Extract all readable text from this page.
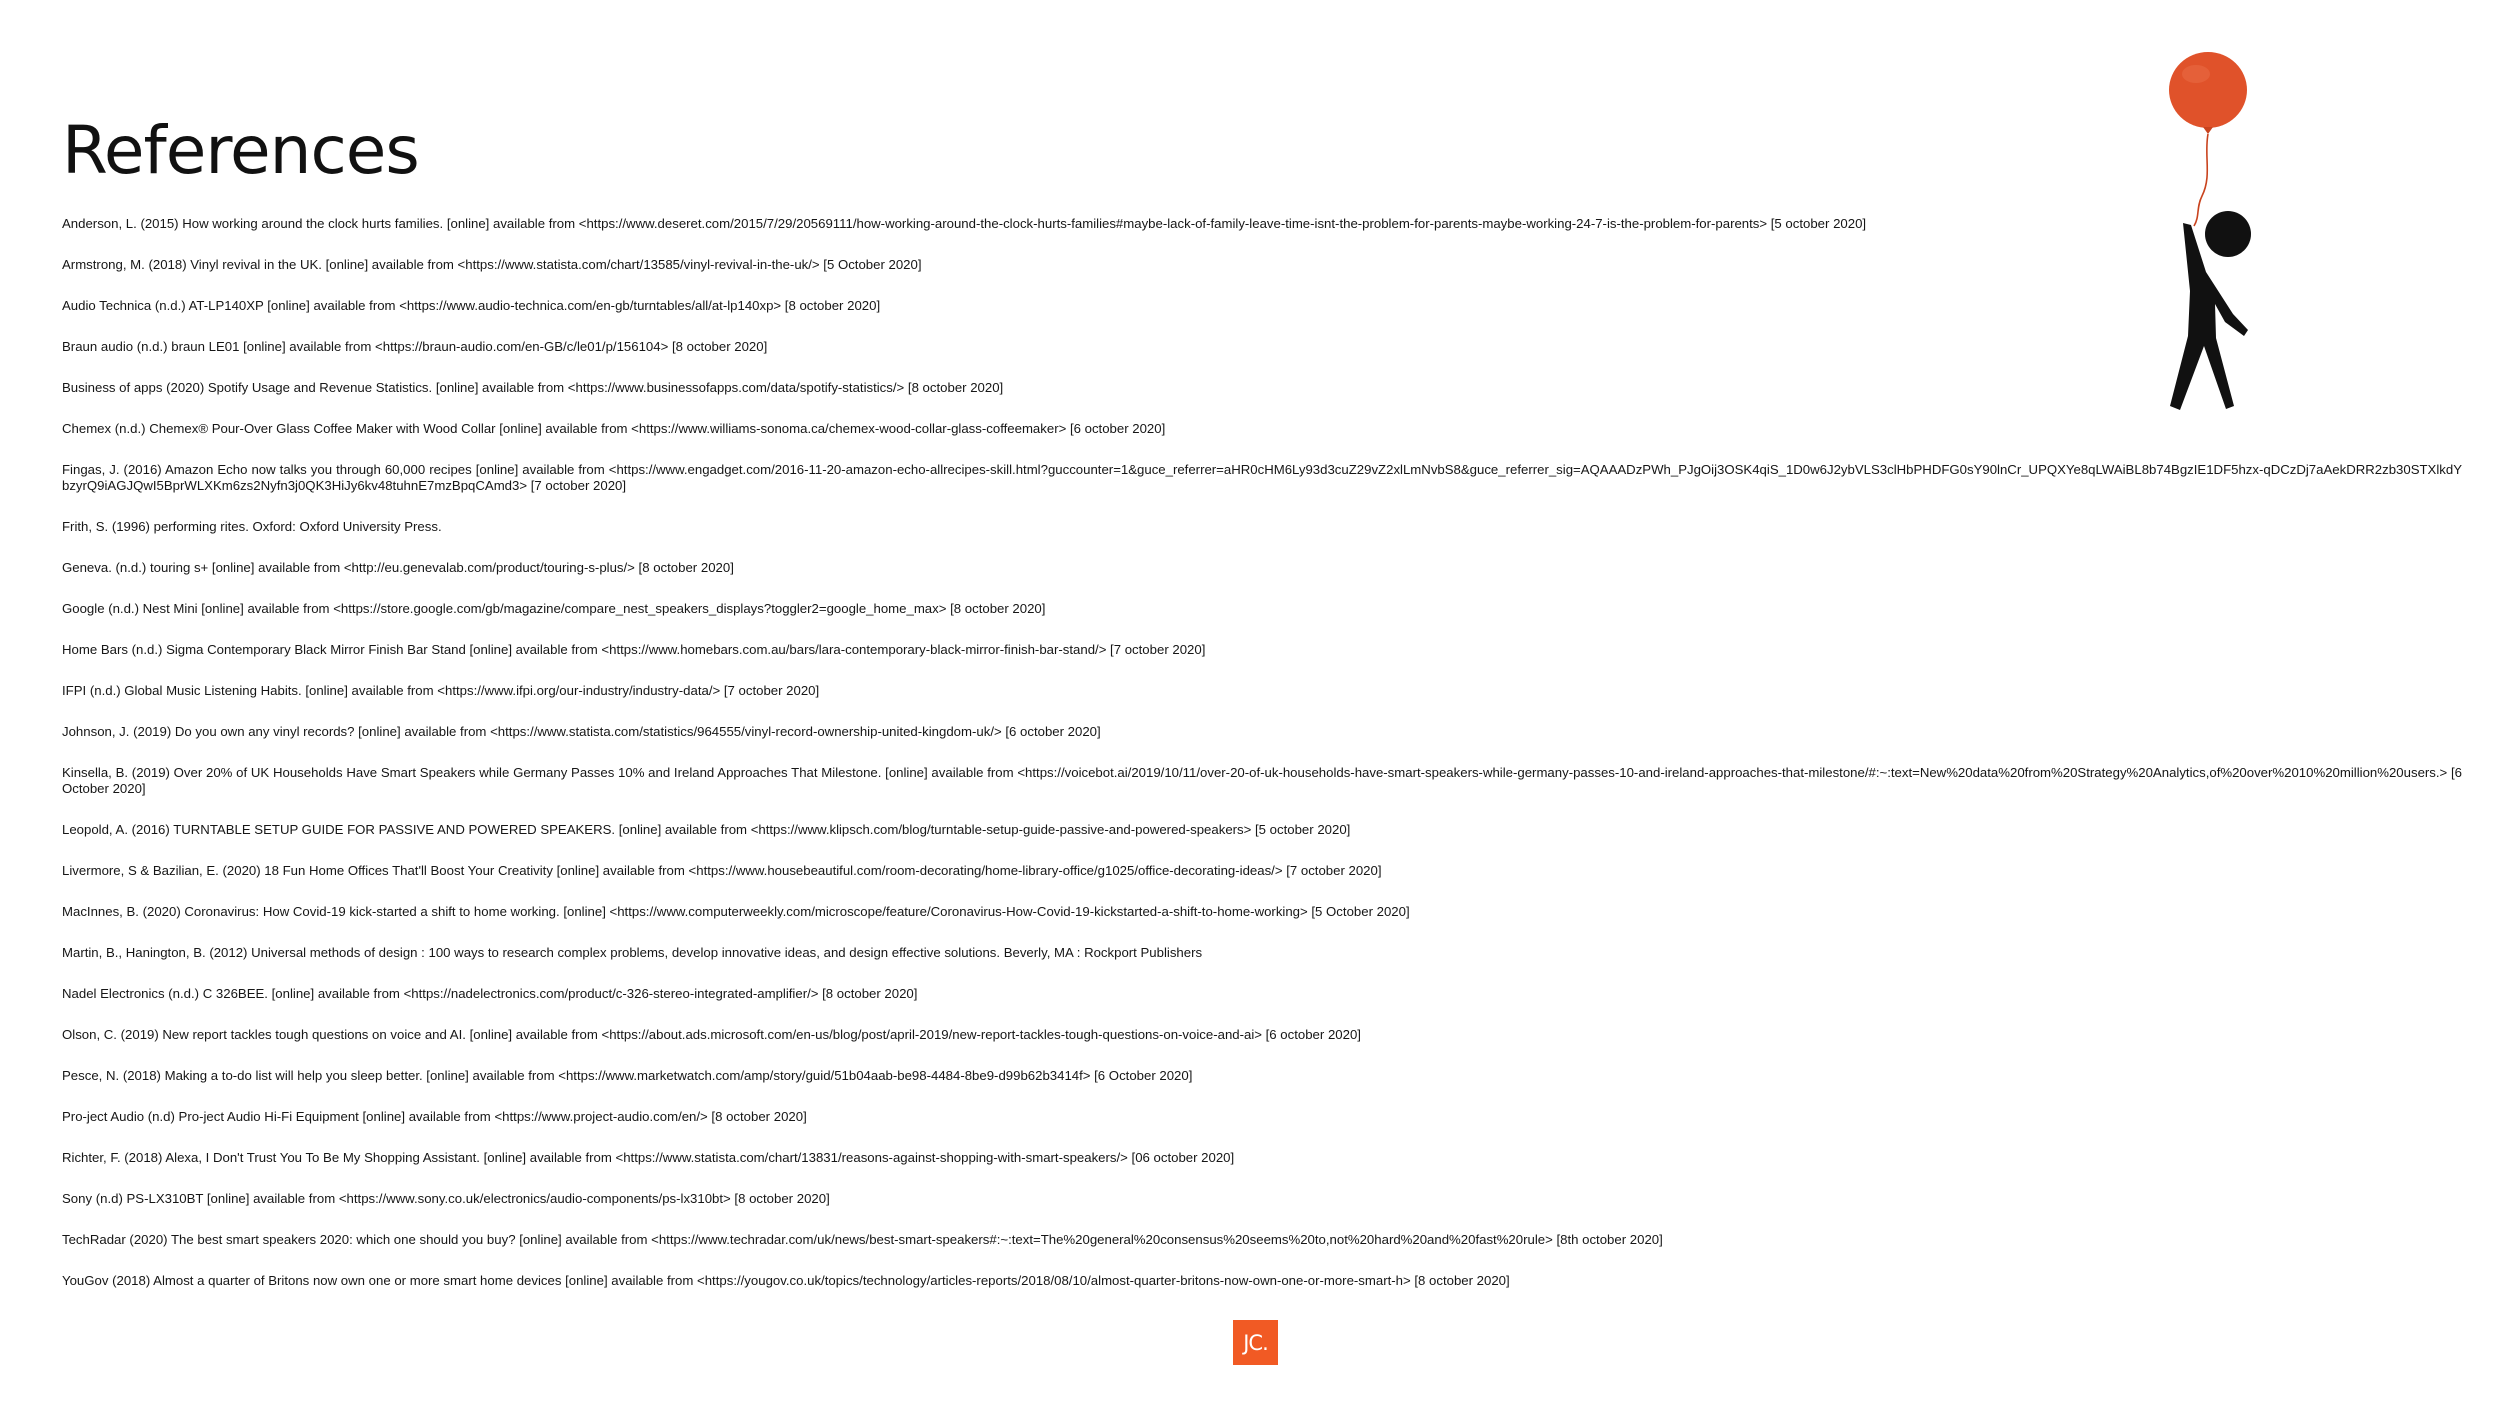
References
Anderson, L. (2015) How working around the clock hurts families. [online] available from <https://www.deseret.com/2015/7/29/20569111/how-working-around-the-clock-hurts-families#maybe-lack-of-family-leave-time-isnt-the-problem-for-parents-maybe-working-24-7-is-the-problem-for-parents> [5 october 2020]
Armstrong, M. (2018) Vinyl revival in the UK. [online] available from <https://www.statista.com/chart/13585/vinyl-revival-in-the-uk/> [5 October 2020]
Audio Technica (n.d.) AT-LP140XP [online] available from <https://www.audio-technica.com/en-gb/turntables/all/at-lp140xp> [8 october 2020]
Braun audio (n.d.) braun LE01 [online] available from <https://braun-audio.com/en-GB/c/le01/p/156104> [8 october 2020]
Business of apps (2020) Spotify Usage and Revenue Statistics. [online] available from <https://www.businessofapps.com/data/spotify-statistics/> [8 october 2020]
Chemex (n.d.) Chemex® Pour-Over Glass Coffee Maker with Wood Collar [online] available from <https://www.williams-sonoma.ca/chemex-wood-collar-glass-coffeemaker> [6 october 2020]
Fingas, J. (2016) Amazon Echo now talks you through 60,000 recipes [online] available from <https://www.engadget.com/2016-11-20-amazon-echo-allrecipes-skill.html?guccounter=1&guce_referrer=aHR0cHM6Ly93d3cuZ29vZ2xlLmNvbS8&guce_referrer_sig=AQAAADzPWh_PJgOij3OSK4qiS_1D0w6J2ybVLS3clHbPHDFG0sY90lnCr_UPQXYe8qLWAiBL8b74BgzIE1DF5hzx-qDCzDj7aAekDRR2zb30STXlkdYbzyrQ9iAGJQwI5BprWLXKm6zs2Nyfn3j0QK3HiJy6kv48tuhnE7mzBpqCAmd3> [7 october 2020]
Frith, S. (1996) performing rites. Oxford: Oxford University Press.
Geneva. (n.d.) touring s+ [online] available from <http://eu.genevalab.com/product/touring-s-plus/> [8 october 2020]
Google (n.d.) Nest Mini [online] available from <https://store.google.com/gb/magazine/compare_nest_speakers_displays?toggler2=google_home_max> [8 october 2020]
Home Bars (n.d.) Sigma Contemporary Black Mirror Finish Bar Stand [online] available from <https://www.homebars.com.au/bars/lara-contemporary-black-mirror-finish-bar-stand/> [7 october 2020]
IFPI (n.d.) Global Music Listening Habits. [online] available from <https://www.ifpi.org/our-industry/industry-data/> [7 october 2020]
Johnson, J. (2019) Do you own any vinyl records? [online] available from <https://www.statista.com/statistics/964555/vinyl-record-ownership-united-kingdom-uk/> [6 october 2020]
Kinsella, B. (2019) Over 20% of UK Households Have Smart Speakers while Germany Passes 10% and Ireland Approaches That Milestone. [online] available from <https://voicebot.ai/2019/10/11/over-20-of-uk-households-have-smart-speakers-while-germany-passes-10-and-ireland-approaches-that-milestone/#:~:text=New%20data%20from%20Strategy%20Analytics,of%20over%2010%20million%20users.> [6 October 2020]
Leopold, A. (2016) TURNTABLE SETUP GUIDE FOR PASSIVE AND POWERED SPEAKERS. [online] available from <https://www.klipsch.com/blog/turntable-setup-guide-passive-and-powered-speakers> [5 october 2020]
Livermore, S & Bazilian, E. (2020) 18 Fun Home Offices That'll Boost Your Creativity [online] available from <https://www.housebeautiful.com/room-decorating/home-library-office/g1025/office-decorating-ideas/> [7 october 2020]
MacInnes, B. (2020) Coronavirus: How Covid-19 kick-started a shift to home working. [online] <https://www.computerweekly.com/microscope/feature/Coronavirus-How-Covid-19-kickstarted-a-shift-to-home-working> [5 October 2020]
Martin, B., Hanington, B. (2012) Universal methods of design : 100 ways to research complex problems, develop innovative ideas, and design effective solutions. Beverly, MA : Rockport Publishers
Nadel Electronics (n.d.) C 326BEE. [online] available from <https://nadelectronics.com/product/c-326-stereo-integrated-amplifier/> [8 october 2020]
Olson, C. (2019) New report tackles tough questions on voice and AI. [online] available from <https://about.ads.microsoft.com/en-us/blog/post/april-2019/new-report-tackles-tough-questions-on-voice-and-ai> [6 october 2020]
Pesce, N. (2018) Making a to-do list will help you sleep better. [online] available from <https://www.marketwatch.com/amp/story/guid/51b04aab-be98-4484-8be9-d99b62b3414f> [6 October 2020]
Pro-ject Audio (n.d) Pro-ject Audio Hi-Fi Equipment [online] available from <https://www.project-audio.com/en/> [8 october 2020]
Richter, F. (2018) Alexa, I Don't Trust You To Be My Shopping Assistant. [online] available from <https://www.statista.com/chart/13831/reasons-against-shopping-with-smart-speakers/> [06 october 2020]
Sony (n.d) PS-LX310BT [online] available from <https://www.sony.co.uk/electronics/audio-components/ps-lx310bt> [8 october 2020]
TechRadar (2020) The best smart speakers 2020: which one should you buy? [online] available from <https://www.techradar.com/uk/news/best-smart-speakers#:~:text=The%20general%20consensus%20seems%20to,not%20hard%20and%20fast%20rule> [8th october 2020]
YouGov (2018) Almost a quarter of Britons now own one or more smart home devices [online] available from <https://yougov.co.uk/topics/technology/articles-reports/2018/08/10/almost-quarter-britons-now-own-one-or-more-smart-h> [8 october 2020]
JC.
